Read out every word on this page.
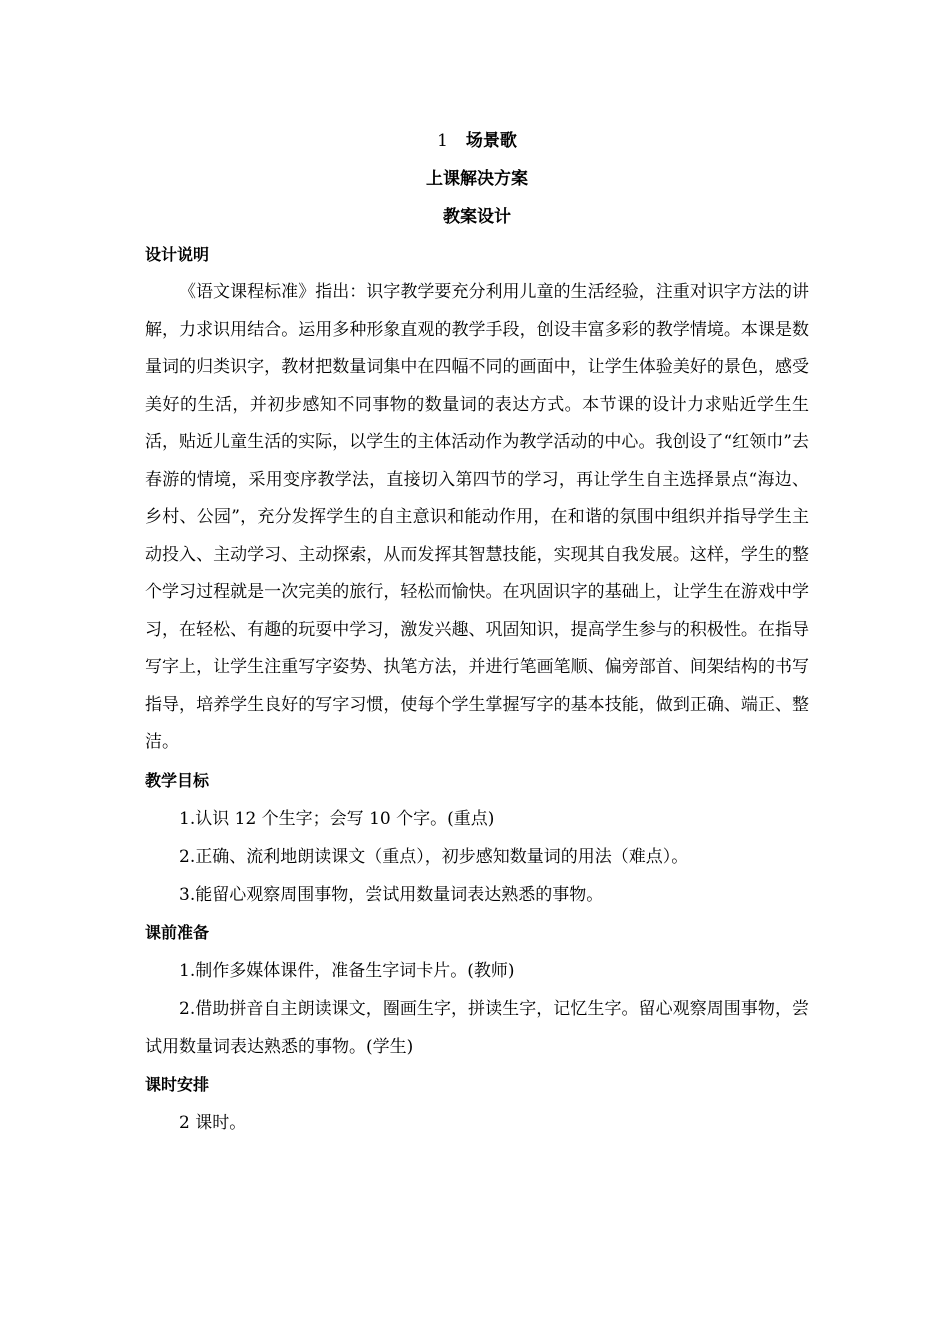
1 场景歌
上课解决方案
教案设计
设计说明

《语文课程标准》指出：识字教学要充分利用儿童的生活经验，注重对识字方法的讲解，力求识用结合。运用多种形象直观的教学手段，创设丰富多彩的教学情境。本课是数量词的归类识字，教材把数量词集中在四幅不同的画面中，让学生体验美好的景色，感受美好的生活，并初步感知不同事物的数量词的表达方式。本节课的设计力求贴近学生生活，贴近儿童生活的实际，以学生的主体活动作为教学活动的中心。我创设了“红领巾”去春游的情境，采用变序教学法，直接切入第四节的学习，再让学生自主选择景点“海边、乡村、公园”，充分发挥学生的自主意识和能动作用，在和谐的氛围中组织并指导学生主动投入、主动学习、主动探索，从而发挥其智慧技能，实现其自我发展。这样，学生的整个学习过程就是一次完美的旅行，轻松而愉快。在巩固识字的基础上，让学生在游戏中学习，在轻松、有趣的玩耍中学习，激发兴趣、巩固知识，提高学生参与的积极性。在指导写字上，让学生注重写字姿势、执笔方法，并进行笔画笔顺、偏旁部首、间架结构的书写指导，培养学生良好的写字习惯，使每个学生掌握写字的基本技能，做到正确、端正、整洁。

教学目标

1.认识 12 个生字；会写 10 个字。(重点)

2.正确、流利地朗读课文（重点），初步感知数量词的用法（难点）。

3.能留心观察周围事物，尝试用数量词表达熟悉的事物。

课前准备

1.制作多媒体课件，准备生字词卡片。(教师)

2.借助拼音自主朗读课文，圈画生字，拼读生字，记忆生字。留心观察周围事物，尝试用数量词表达熟悉的事物。(学生)

课时安排

2 课时。
